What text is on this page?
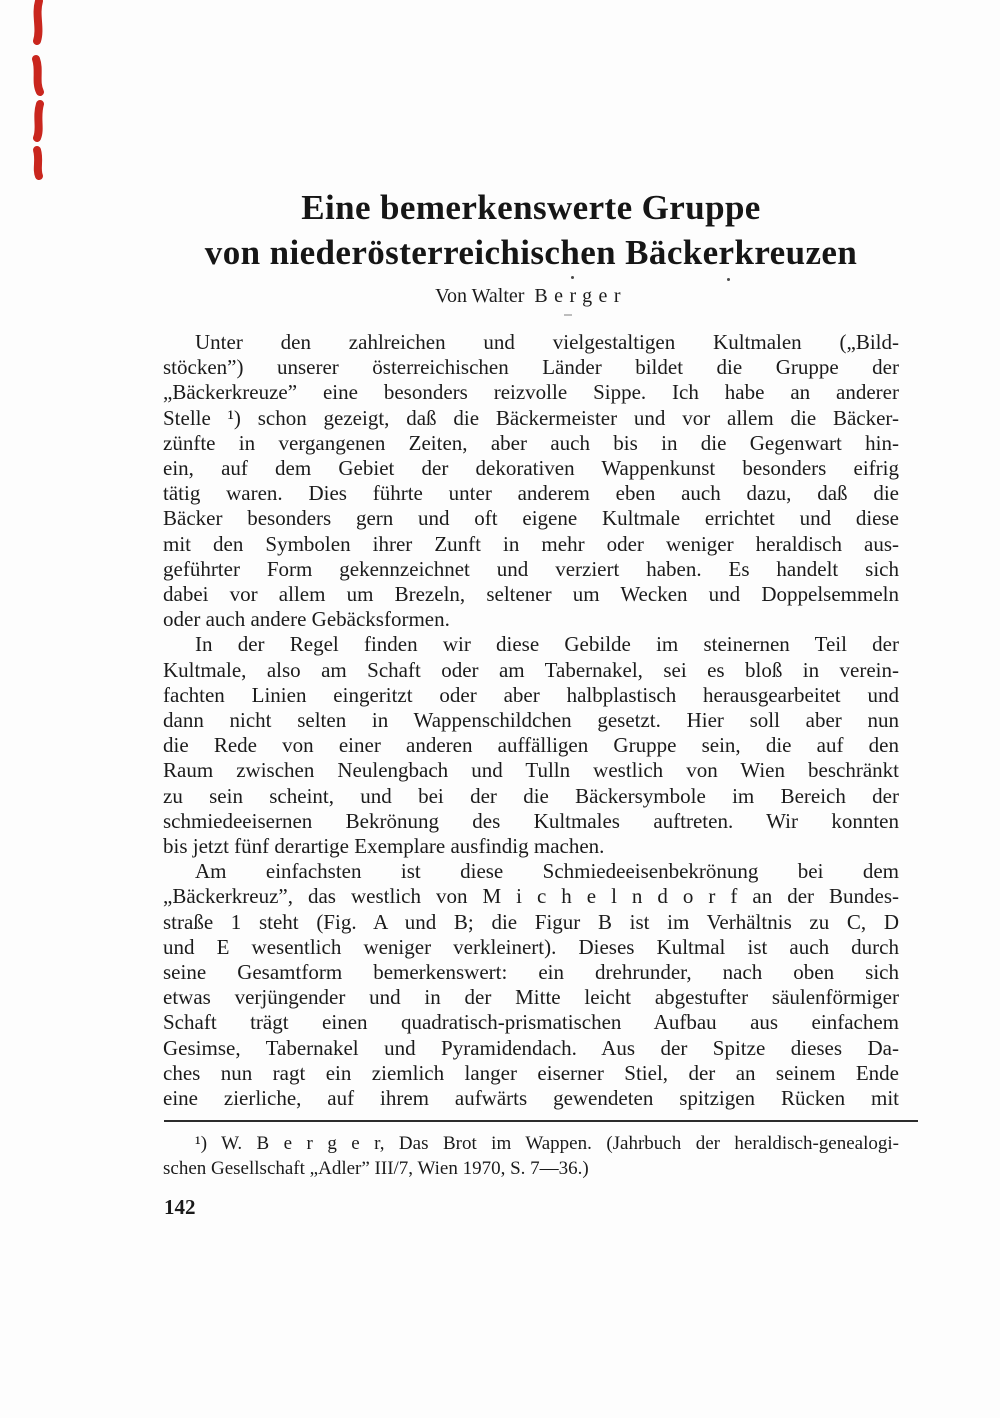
Eine bemerkenswerte Gruppe
von niederösterreichischen Bäckerkreuzen
Von Walter Berger
Unter den zahlreichen und vielgestaltigen Kultmalen („Bild-
stöcken”) unserer österreichischen Länder bildet die Gruppe der
„Bäckerkreuze” eine besonders reizvolle Sippe. Ich habe an anderer
Stelle ¹) schon gezeigt, daß die Bäckermeister und vor allem die Bäcker-
zünfte in vergangenen Zeiten, aber auch bis in die Gegenwart hin-
ein, auf dem Gebiet der dekorativen Wappenkunst besonders eifrig
tätig waren. Dies führte unter anderem eben auch dazu, daß die
Bäcker besonders gern und oft eigene Kultmale errichtet und diese
mit den Symbolen ihrer Zunft in mehr oder weniger heraldisch aus-
geführter Form gekennzeichnet und verziert haben. Es handelt sich
dabei vor allem um Brezeln, seltener um Wecken und Doppelsemmeln
oder auch andere Gebäcksformen.
In der Regel finden wir diese Gebilde im steinernen Teil der
Kultmale, also am Schaft oder am Tabernakel, sei es bloß in verein-
fachten Linien eingeritzt oder aber halbplastisch herausgearbeitet und
dann nicht selten in Wappenschildchen gesetzt. Hier soll aber nun
die Rede von einer anderen auffälligen Gruppe sein, die auf den
Raum zwischen Neulengbach und Tulln westlich von Wien beschränkt
zu sein scheint, und bei der die Bäckersymbole im Bereich der
schmiedeeisernen Bekrönung des Kultmales auftreten. Wir konnten
bis jetzt fünf derartige Exemplare ausfindig machen.
Am einfachsten ist diese Schmiedeeisenbekrönung bei dem
„Bäckerkreuz”, das westlich von M i c h e l n d o r f an der Bundes-
straße 1 steht (Fig. A und B; die Figur B ist im Verhältnis zu C, D
und E wesentlich weniger verkleinert). Dieses Kultmal ist auch durch
seine Gesamtform bemerkenswert: ein drehrunder, nach oben sich
etwas verjüngender und in der Mitte leicht abgestufter säulenförmiger
Schaft trägt einen quadratisch-prismatischen Aufbau aus einfachem
Gesimse, Tabernakel und Pyramidendach. Aus der Spitze dieses Da-
ches nun ragt ein ziemlich langer eiserner Stiel, der an seinem Ende
eine zierliche, auf ihrem aufwärts gewendeten spitzigen Rücken mit
¹) W. B e r g e r, Das Brot im Wappen. (Jahrbuch der heraldisch-genealogi-
schen Gesellschaft „Adler” III/7, Wien 1970, S. 7—36.)
142
